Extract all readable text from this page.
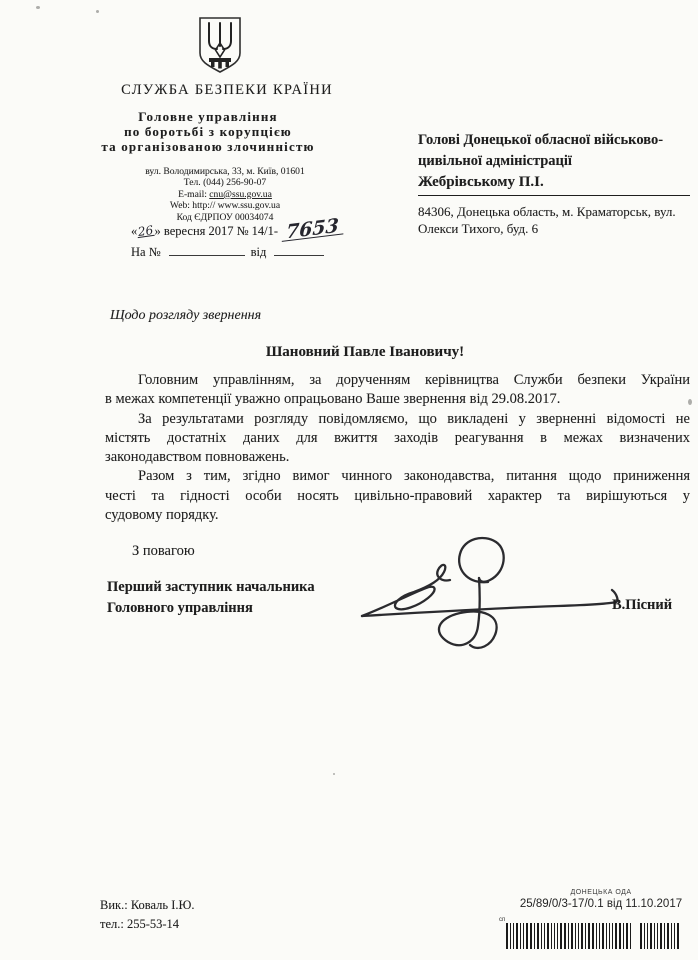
СЛУЖБА БЕЗПЕКИ КРАЇНИ
Головне управління
по боротьбі з корупцією
та організованою злочинністю
вул. Володимирська, 33, м. Київ, 01601
Тел. (044) 256-90-07
E-mail: cnu@ssu.gov.ua
Web: http:// www.ssu.gov.ua
Код ЄДРПОУ 00034074
«26» вересня 2017 № 14/1- 7653
На №	від
Голові Донецької обласної військово-
цивільної адміністрації
Жебрівському П.І.
84306, Донецька область, м. Краматорськ, вул.
Олекси Тихого, буд. 6
Щодо розгляду звернення
Шановний Павле Івановичу!
Головним управлінням, за дорученням керівництва Служби безпеки України
в межах компетенції уважно опрацьовано Ваше звернення від 29.08.2017.
За результатами розгляду повідомляємо, що викладені у зверненні відомості не
містять достатніх даних для вжиття заходів реагування в межах визначених
законодавством повноважень.
Разом з тим, згідно вимог чинного законодавства, питання щодо приниження
честі та гідності особи носять цивільно-правовий характер та вирішуються у
судовому порядку.
З повагою
Перший заступник начальника
Головного управління	В.Пісний
Вик.: Коваль І.Ю.
тел.: 255-53-14
ДОНЕЦЬКА ОДА
25/89/0/3-17/0.1 від 11.10.2017
сп
